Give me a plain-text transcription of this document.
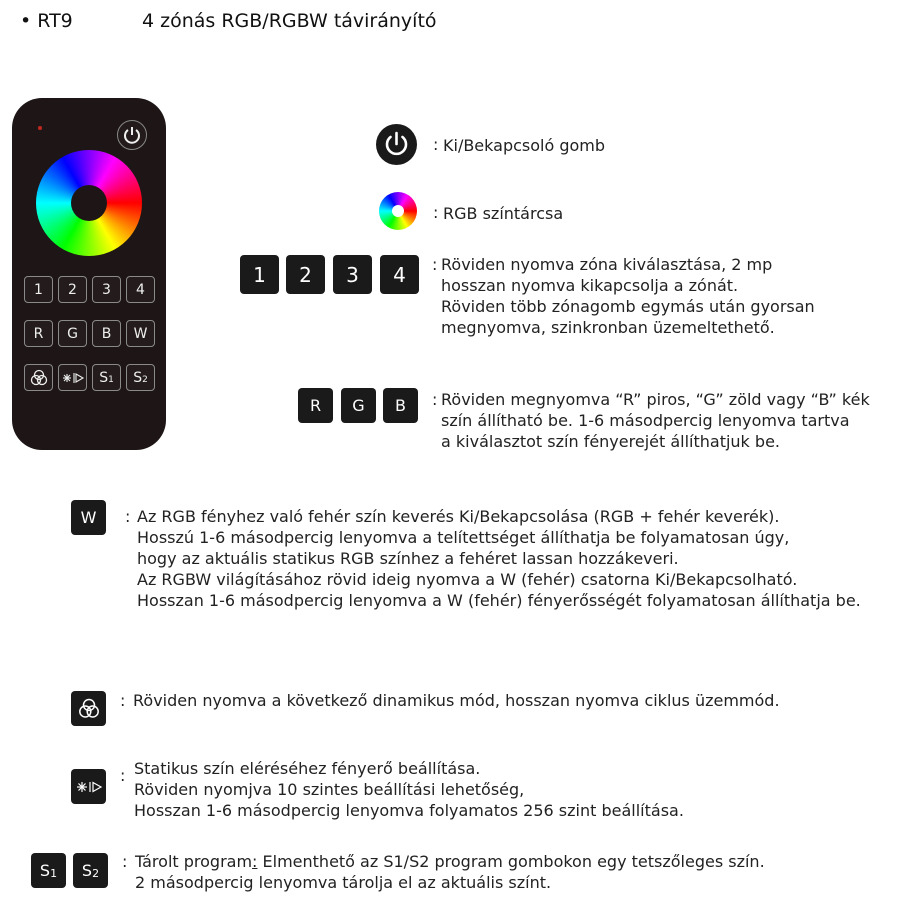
• RT9	4 zónás RGB/RGBW távirányító
1	2	3	4
R	G	B	W
S 1 S 2
: Ki/Bekapcsoló gomb
: RGB színtárcsa
1	2	3	4	: Röviden nyomva zóna kiválasztása, 2 mp
hosszan nyomva kikapcsolja a zónát.
Röviden több zónagomb egymás után gyorsan
megnyomva, szinkronban üzemeltethető.
R	G	B	: Röviden megnyomva “R” piros, “G” zöld vagy “B” kék
szín állítható be. 1-6 másodpercig lenyomva tartva
a kiválasztot szín fényerejét állíthatjuk be.
W	: Az RGB fényhez való fehér szín keverés Ki/Bekapcsolása (RGB + fehér keverék).
Hosszú 1-6 másodpercig lenyomva a telítettséget állíthatja be folyamatosan úgy,
hogy az aktuális statikus RGB színhez a fehéret lassan hozzákeveri.
Az RGBW világításához rövid ideig nyomva a W (fehér) csatorna Ki/Bekapcsolható.
Hosszan 1-6 másodpercig lenyomva a W (fehér) fényerősségét folyamatosan állíthatja be.
: Röviden nyomva a következő dinamikus mód, hosszan nyomva ciklus üzemmód.
: Statikus szín eléréséhez fényerő beállítása.
Röviden nyomjva 10 szintes beállítási lehetőség,
Hosszan 1-6 másodpercig lenyomva folyamatos 256 szint beállítása.
S 1 S 2
: Tárolt program: Elmenthető az S1/S2 program gombokon egy tetszőleges szín.
2 másodpercig lenyomva tárolja el az aktuális színt.
